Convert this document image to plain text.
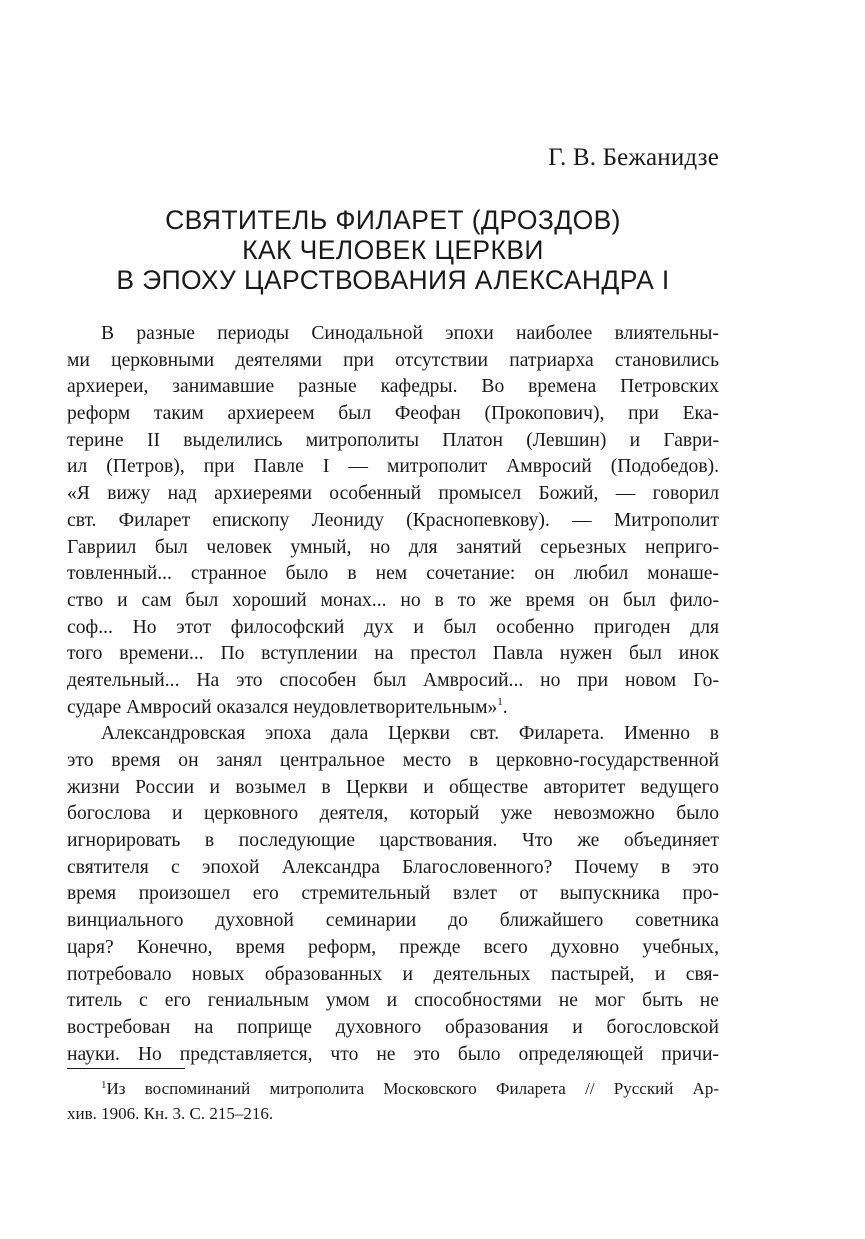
Г. В. Бежанидзе
СВЯТИТЕЛЬ ФИЛАРЕТ (ДРОЗДОВ)
КАК ЧЕЛОВЕК ЦЕРКВИ
В ЭПОХУ ЦАРСТВОВАНИЯ АЛЕКСАНДРА I
В разные периоды Синодальной эпохи наиболее влиятельны-
ми церковными деятелями при отсутствии патриарха становились
архиереи, занимавшие разные кафедры. Во времена Петровских
реформ таким архиереем был Феофан (Прокопович), при Ека-
терине II выделились митрополиты Платон (Левшин) и Гаври-
ил (Петров), при Павле I — митрополит Амвросий (Подобедов).
«Я вижу над архиереями особенный промысел Божий, — говорил
свт. Филарет епископу Леониду (Краснопевкову). — Митрополит
Гавриил был человек умный, но для занятий серьезных неприго-
товленный... странное было в нем сочетание: он любил монаше-
ство и сам был хороший монах... но в то же время он был фило-
соф... Но этот философский дух и был особенно пригоден для
того времени... По вступлении на престол Павла нужен был инок
деятельный... На это способен был Амвросий... но при новом Го-
сударе Амвросий оказался неудовлетворительным»$^1$.
Александровская эпоха дала Церкви свт. Филарета. Именно в
это время он занял центральное место в церковно-государственной
жизни России и возымел в Церкви и обществе авторитет ведущего
богослова и церковного деятеля, который уже невозможно было
игнорировать в последующие царствования. Что же объединяет
святителя с эпохой Александра Благословенного? Почему в это
время произошел его стремительный взлет от выпускника про-
винциального духовной семинарии до ближайшего советника
царя? Конечно, время реформ, прежде всего духовно учебных,
потребовало новых образованных и деятельных пастырей, и свя-
титель с его гениальным умом и способностями не мог быть не
востребован на поприще духовного образования и богословской
науки. Но представляется, что не это было определяющей причи-
$^1$Из воспоминаний митрополита Московского Филарета // Русский Ар-
хив. 1906. Кн. 3. С. 215–216.
